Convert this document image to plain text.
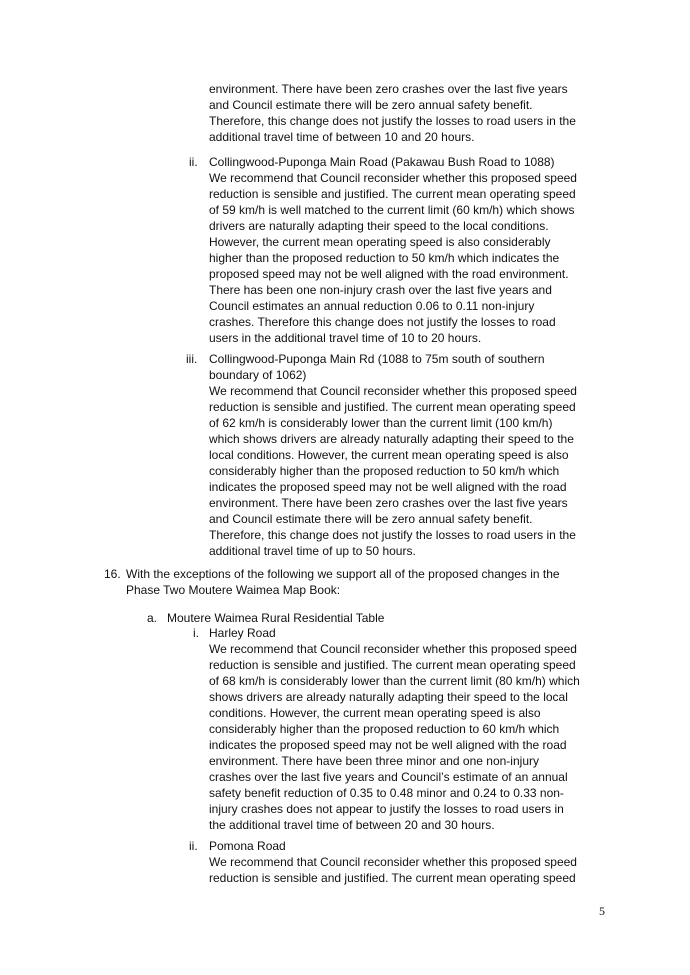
environment. There have been zero crashes over the last five years
and Council estimate there will be zero annual safety benefit.
Therefore, this change does not justify the losses to road users in the
additional travel time of between 10 and 20 hours.
ii. Collingwood-Puponga Main Road (Pakawau Bush Road to 1088)
We recommend that Council reconsider whether this proposed speed
reduction is sensible and justified. The current mean operating speed
of 59 km/h is well matched to the current limit (60 km/h) which shows
drivers are naturally adapting their speed to the local conditions.
However, the current mean operating speed is also considerably
higher than the proposed reduction to 50 km/h which indicates the
proposed speed may not be well aligned with the road environment.
There has been one non-injury crash over the last five years and
Council estimates an annual reduction 0.06 to 0.11 non-injury
crashes. Therefore this change does not justify the losses to road
users in the additional travel time of 10 to 20 hours.
iii. Collingwood-Puponga Main Rd (1088 to 75m south of southern
boundary of 1062)
We recommend that Council reconsider whether this proposed speed
reduction is sensible and justified. The current mean operating speed
of 62 km/h is considerably lower than the current limit (100 km/h)
which shows drivers are already naturally adapting their speed to the
local conditions. However, the current mean operating speed is also
considerably higher than the proposed reduction to 50 km/h which
indicates the proposed speed may not be well aligned with the road
environment. There have been zero crashes over the last five years
and Council estimate there will be zero annual safety benefit.
Therefore, this change does not justify the losses to road users in the
additional travel time of up to 50 hours.
16. With the exceptions of the following we support all of the proposed changes in the
Phase Two Moutere Waimea Map Book:
a. Moutere Waimea Rural Residential Table
i. Harley Road
We recommend that Council reconsider whether this proposed speed
reduction is sensible and justified. The current mean operating speed
of 68 km/h is considerably lower than the current limit (80 km/h) which
shows drivers are already naturally adapting their speed to the local
conditions. However, the current mean operating speed is also
considerably higher than the proposed reduction to 60 km/h which
indicates the proposed speed may not be well aligned with the road
environment. There have been three minor and one non-injury
crashes over the last five years and Council’s estimate of an annual
safety benefit reduction of 0.35 to 0.48 minor and 0.24 to 0.33 non-
injury crashes does not appear to justify the losses to road users in
the additional travel time of between 20 and 30 hours.
ii. Pomona Road
We recommend that Council reconsider whether this proposed speed
reduction is sensible and justified. The current mean operating speed
5
